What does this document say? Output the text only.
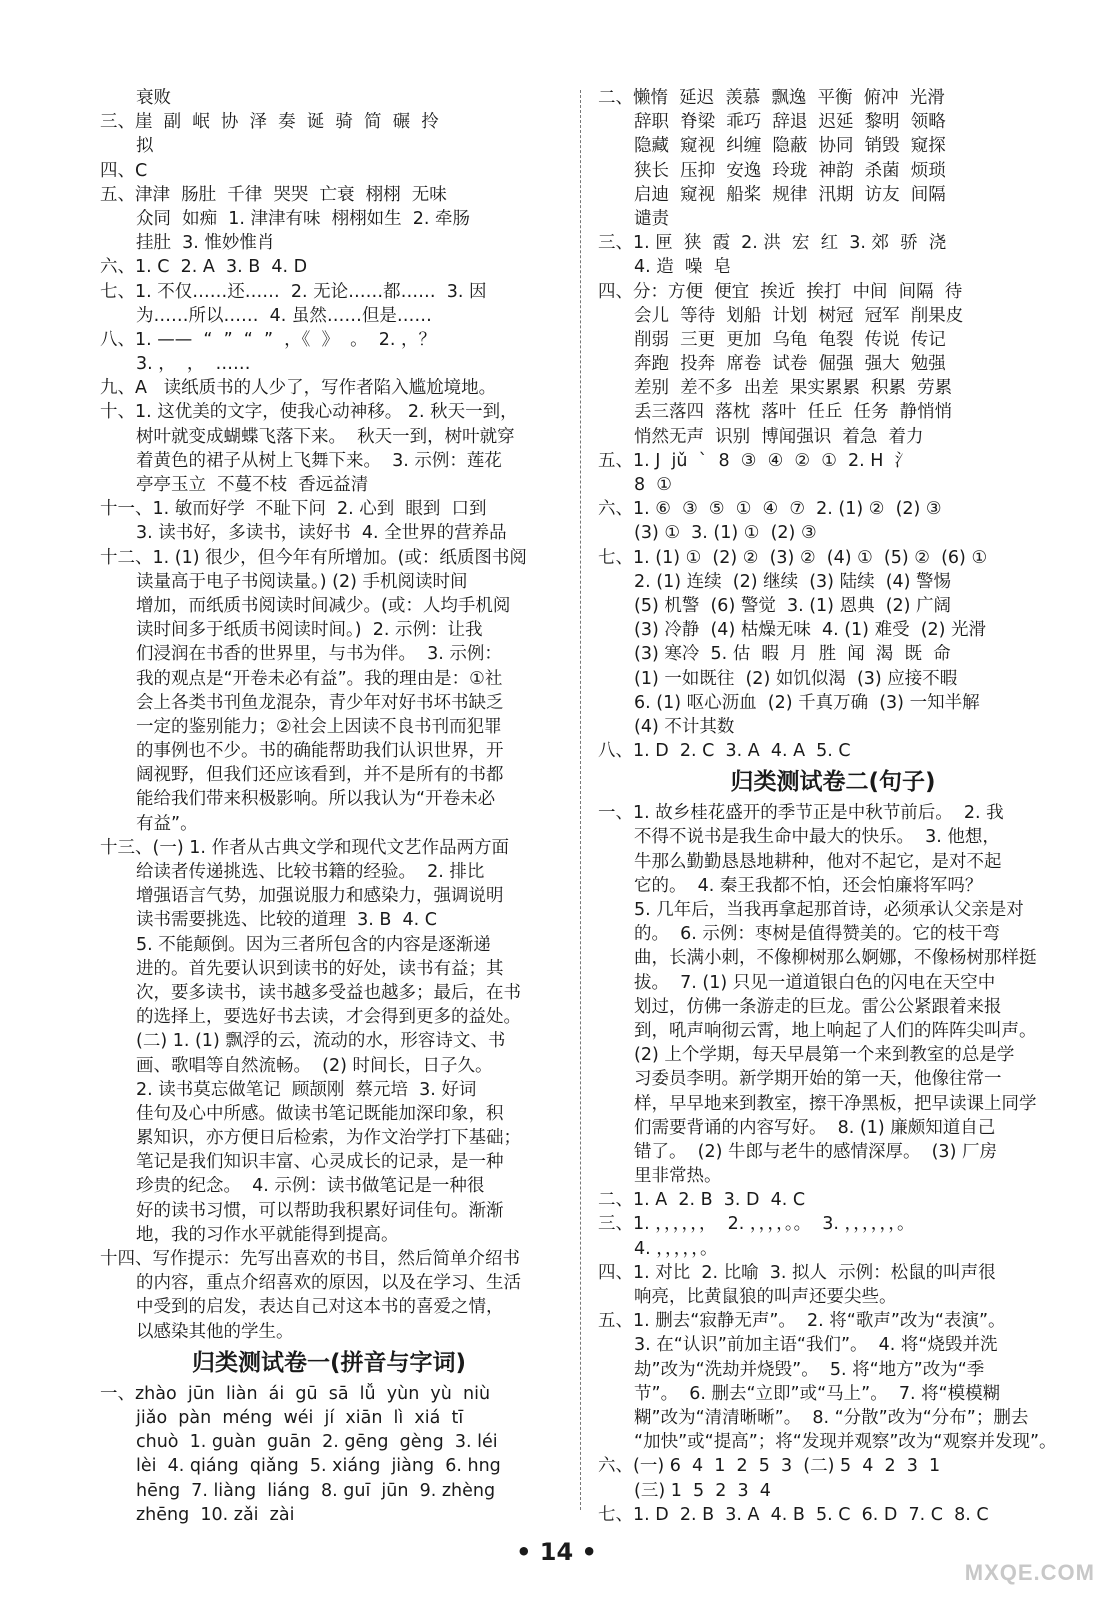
衰败
三、崖  副  岷  协  泽  奏  诞  骑  简  碾  拎
拟
四、C
五、津津  肠肚  千律  哭哭  亡衰  栩栩  无味
众同  如痴  1. 津津有味  栩栩如生  2. 牵肠
挂肚  3. 惟妙惟肖
六、1. C  2. A  3. B  4. D
七、1. 不仅……还……  2. 无论……都……  3. 因
为……所以……  4. 虽然……但是……
八、1. ——  “  ”  “  ”  ，《  》  。  2. ，？
3. ，  ，  ……
九、A   读纸质书的人少了，写作者陷入尴尬境地。
十、1. 这优美的文字，使我心动神移。 2. 秋天一到，
树叶就变成蝴蝶飞落下来。  秋天一到，树叶就穿
着黄色的裙子从树上飞舞下来。  3. 示例：莲花
亭亭玉立  不蔓不枝  香远益清
十一、1. 敏而好学  不耻下问  2. 心到  眼到  口到
3. 读书好，多读书，读好书  4. 全世界的营养品
十二、1. (1) 很少，但今年有所增加。(或：纸质图书阅
读量高于电子书阅读量。) (2) 手机阅读时间
增加，而纸质书阅读时间减少。(或：人均手机阅
读时间多于纸质书阅读时间。)  2. 示例：让我
们浸润在书香的世界里，与书为伴。  3. 示例：
我的观点是“开卷未必有益”。我的理由是：①社
会上各类书刊鱼龙混杂，青少年对好书坏书缺乏
一定的鉴别能力；②社会上因读不良书刊而犯罪
的事例也不少。书的确能帮助我们认识世界，开
阔视野，但我们还应该看到，并不是所有的书都
能给我们带来积极影响。所以我认为“开卷未必
有益”。
十三、(一) 1. 作者从古典文学和现代文艺作品两方面
给读者传递挑选、比较书籍的经验。  2. 排比
增强语言气势，加强说服力和感染力，强调说明
读书需要挑选、比较的道理  3. B  4. C
5. 不能颠倒。因为三者所包含的内容是逐渐递
进的。首先要认识到读书的好处，读书有益；其
次，要多读书，读书越多受益也越多；最后，在书
的选择上，要选好书去读，才会得到更多的益处。
(二) 1. (1) 飘浮的云，流动的水，形容诗文、书
画、歌唱等自然流畅。  (2) 时间长，日子久。
2. 读书莫忘做笔记  顾颉刚  蔡元培  3. 好词
佳句及心中所感。做读书笔记既能加深印象，积
累知识，亦方便日后检索，为作文治学打下基础；
笔记是我们知识丰富、心灵成长的记录，是一种
珍贵的纪念。  4. 示例：读书做笔记是一种很
好的读书习惯，可以帮助我积累好词佳句。渐渐
地，我的习作水平就能得到提高。
十四、写作提示：先写出喜欢的书目，然后简单介绍书
的内容，重点介绍喜欢的原因，以及在学习、生活
中受到的启发，表达自己对这本书的喜爱之情，
以感染其他的学生。
归类测试卷一(拼音与字词)
一、zhào  jūn  liàn  ái  gū  sā  lǚ  yùn  yù  niù
jiǎo  pàn  méng  wéi  jí  xiān  lì  xiá  tī
chuò  1. guàn  guān  2. gēng  gèng  3. léi
lèi  4. qiáng  qiǎng  5. xiáng  jiàng  6. hng
hēng  7. liàng  liáng  8. guī  jūn  9. zhèng
zhēng  10. zǎi  zài
二、懒惰  延迟  羡慕  飘逸  平衡  俯冲  光滑
辞职  脊梁  乖巧  辞退  迟延  黎明  领略
隐藏  窥视  纠缠  隐蔽  协同  销毁  窥探
狭长  压抑  安逸  玲珑  神韵  杀菌  烦琐
启迪  窥视  船桨  规律  汛期  访友  间隔
谴责
三、1. 匣  狭  霞  2. 洪  宏  红  3. 郊  骄  浇
4. 造  噪  皂
四、分：方便  便宜  挨近  挨打  中间  间隔  待
会儿  等待  划船  计划  树冠  冠军  削果皮
削弱  三更  更加  乌龟  龟裂  传说  传记
奔跑  投奔  席卷  试卷  倔强  强大  勉强
差别  差不多  出差  果实累累  积累  劳累
丢三落四  落枕  落叶  任丘  任务  静悄悄
悄然无声  识别  博闻强识  着急  着力
五、1. J  jǔ  ˋ  8  ③  ④  ②  ①  2. H  氵
8  ①
六、1. ⑥  ③  ⑤  ①  ④  ⑦  2. (1) ②  (2) ③
(3) ①  3. (1) ①  (2) ③
七、1. (1) ①  (2) ②  (3) ②  (4) ①  (5) ②  (6) ①
2. (1) 连续  (2) 继续  (3) 陆续  (4) 警惕
(5) 机警  (6) 警觉  3. (1) 恩典  (2) 广阔
(3) 冷静  (4) 枯燥无味  4. (1) 难受  (2) 光滑
(3) 寒冷  5. 估  暇  月  胜  闻  渴  既  命
(1) 一如既往  (2) 如饥似渴  (3) 应接不暇
6. (1) 呕心沥血  (2) 千真万确  (3) 一知半解
(4) 不计其数
八、1. D  2. C  3. A  4. A  5. C
归类测试卷二(句子)
一、1. 故乡桂花盛开的季节正是中秋节前后。  2. 我
不得不说书是我生命中最大的快乐。  3. 他想，
牛那么勤勤恳恳地耕种，他对不起它，是对不起
它的。  4. 秦王我都不怕，还会怕廉将军吗？
5. 几年后，当我再拿起那首诗，必须承认父亲是对
的。  6. 示例：枣树是值得赞美的。它的枝干弯
曲，长满小刺，不像柳树那么婀娜，不像杨树那样挺
拔。  7. (1) 只见一道道银白色的闪电在天空中
划过，仿佛一条游走的巨龙。雷公公紧跟着来报
到，吼声响彻云霄，地上响起了人们的阵阵尖叫声。
(2) 上个学期，每天早晨第一个来到教室的总是学
习委员李明。新学期开始的第一天，他像往常一
样，早早地来到教室，擦干净黑板，把早读课上同学
们需要背诵的内容写好。  8. (1) 廉颇知道自己
错了。  (2) 牛郎与老牛的感情深厚。  (3) 厂房
里非常热。
二、1. A  2. B  3. D  4. C
三、1. ，，，，，，  2. ，，，，。。  3. ，，，，，，。
4. ，，，，，。
四、1. 对比  2. 比喻  3. 拟人  示例：松鼠的叫声很
响亮，比黄鼠狼的叫声还要尖些。
五、1. 删去“寂静无声”。  2. 将“歌声”改为“表演”。
3. 在“认识”前加主语“我们”。  4. 将“烧毁并洗
劫”改为“洗劫并烧毁”。  5. 将“地方”改为“季
节”。  6. 删去“立即”或“马上”。  7. 将“模模糊
糊”改为“清清晰晰”。  8. “分散”改为“分布”；删去
“加快”或“提高”；将“发现并观察”改为“观察并发现”。
六、(一) 6  4  1  2  5  3  (二) 5  4  2  3  1
(三) 1  5  2  3  4
七、1. D  2. B  3. A  4. B  5. C  6. D  7. C  8. C
• 14 •
MXQE.COM
